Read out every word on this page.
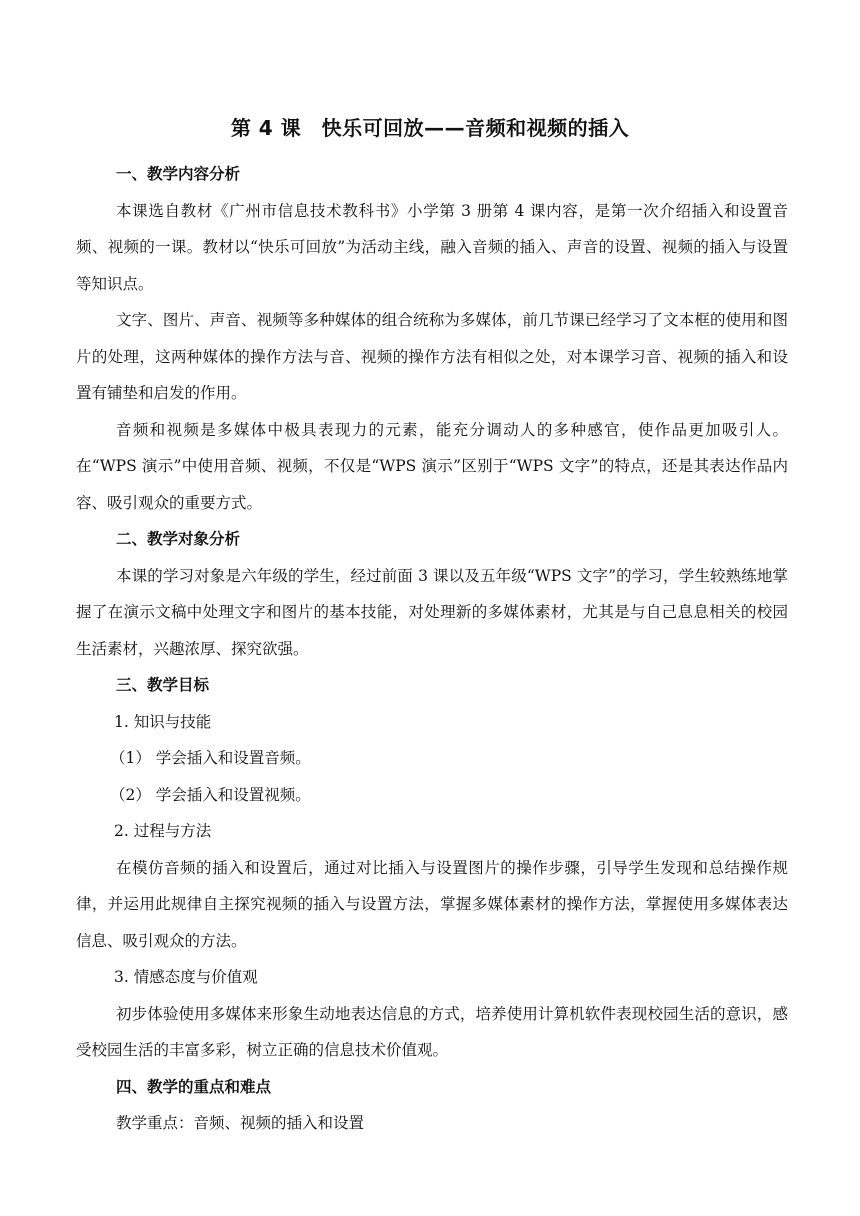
第 4 课　快乐可回放——音频和视频的插入

一、教学内容分析

本课选自教材《广州市信息技术教科书》小学第 3 册第 4 课内容，是第一次介绍插入和设置音频、视频的一课。教材以“快乐可回放”为活动主线，融入音频的插入、声音的设置、视频的插入与设置等知识点。

文字、图片、声音、视频等多种媒体的组合统称为多媒体，前几节课已经学习了文本框的使用和图片的处理，这两种媒体的操作方法与音、视频的操作方法有相似之处，对本课学习音、视频的插入和设置有铺垫和启发的作用。

音频和视频是多媒体中极具表现力的元素，能充分调动人的多种感官，使作品更加吸引人。在“WPS 演示”中使用音频、视频，不仅是“WPS 演示”区别于“WPS 文字”的特点，还是其表达作品内容、吸引观众的重要方式。

二、教学对象分析

本课的学习对象是六年级的学生，经过前面 3 课以及五年级“WPS 文字”的学习，学生较熟练地掌握了在演示文稿中处理文字和图片的基本技能，对处理新的多媒体素材，尤其是与自己息息相关的校园生活素材，兴趣浓厚、探究欲强。

三、教学目标

1. 知识与技能

（1） 学会插入和设置音频。

（2） 学会插入和设置视频。

2. 过程与方法

在模仿音频的插入和设置后，通过对比插入与设置图片的操作步骤，引导学生发现和总结操作规律，并运用此规律自主探究视频的插入与设置方法，掌握多媒体素材的操作方法，掌握使用多媒体表达信息、吸引观众的方法。

3. 情感态度与价值观

初步体验使用多媒体来形象生动地表达信息的方式，培养使用计算机软件表现校园生活的意识，感受校园生活的丰富多彩，树立正确的信息技术价值观。

四、教学的重点和难点

教学重点：音频、视频的插入和设置
